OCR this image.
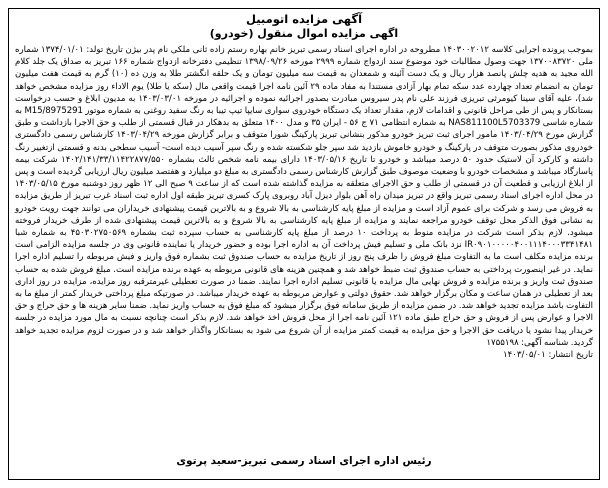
آگهی مزایده اتومبیل

اگهی مزایده اموال منقول (خودرو)

بموجب پرونده اجرایی کلاسه ۱۴۰۳۰۰۲۰۱۲ مطروحه در اداره اجرای اسناد رسمی تبریز خانم بهاره رستم زاده ثانی ملکی نام پدر بیژن تاریخ تولد: ۱۳۷۴/۰۱/۰۱ شماره ملی ۱۳۷۰۰۸۳۷۲۰ جهت وصول مطالبات خود موضوع سند ازدواج شماره ۲۹۹۹ مورخه ۱۳۹۸/۰۹/۲۶ تنظیمی دفترخانه ازدواج شماره ۱۶۶ تبریز به صداق یک جلد کلام الله مجید به هدیه چلش پانصد هزار ریال و یک دست آئینه و شمعدان به قیمت سه میلیون تومان و یک حلقه انگشتر طلا به وزن ده (۱۰) گرم به قیمت هفت میلیون تومان به انضمام تعداد چهارده عدد سکه تمام بهار آزادی مستندا به مفاد ماده ۲۹ آئین نامه اجرا قیمت واقعی مال (سکه یا طلا) یوم الاداء روز مزایده مشخص خواهد شد)، علیه آقای سینا کیومرثی تبریزی فرزند علی نام پدر سیروس مبادرت بصدور اجرائیه نموده و اجرائیه در مورخه ۱۴۰۳/۰۳/۰۱ به مدیون ابلاغ و حسب درخواست بستانکار و پس از طی مراحل قانونی و اقدامات لازم، مقدار تعداد یک دستگاه خودروی سواری سایپا تیپ تیبا به رنگ سفید روغنی به شماره موتور M15/8975291 به شماره شاسی NAS811100L5703379 به شماره انتظامی ۷۱ ج ۵۶ - ایران ۳۵ و مدل ۱۴۰۰ متعلق به بدهکار در قبال قسمتی از طلب و حق الاجرا بازداشت و طبق گزارش مورخ ۱۴۰۳/۰۴/۲۹ مامور اجرای ثبت تبریز خودرو مذکور بنشانی تبریز پارکینگ شورا متوقف و برابر گزارش مورخه ۱۴۰۳/۰۴/۲۹ کارشناس رسمی دادگستری خودروی مذکور بصورت متوقف در پارکینگ و خودرو خاموش بازدید شد سپر جلو شکسته شده و رنگ سپر آسیب دیده است- آسیب سطحی بدنه و قسمتی ‌ازتغییر رنگ داشته و کارکرد آن لاستیک حدود ۵۰ درصد میباشد و خودرو تا تاریخ ۱۴۰۳/۰۵/۱۶ دارای بیمه نامه شخص ثالث بشماره ۱۴۰۲/۱۴۱/۳۳/۱۱۴۲۲۸۷۷/۵۵۰ شرکت بیمه پاسارگاد میباشد و مشخصات خودرو با وضعیت موصوف طبق گزارش کارشناس رسمی دادگستری به مبلغ دو میلیارد و هفتصد میلیون ریال ارزیابی گردیده است و پس از ابلاغ ارزیابی و قطعیت آن در قسمتی از طلب و حق الاجرای متعلقه به مزایده گذاشته شده است که از ساعت ۹ صبح الی ۱۲ ظهر روز دوشنبه مورخ ۱۴۰۳/۰۵/۱۵ در محل اداره اجرای اسناد رسمی تبریز واقع در تبریز میدان راه آهن بلوار دیزل آباد روبروی پارک کسری تبریز طبقه اول اداره ثبت اسناد غرب تبریز از طریق مزایده به فروش می رسد و شرکت برای عموم آزاد است و مزایده از مبلغ پایه کارشناسی به بالا شروع و به بالاترین قیمت پیشنهادی خریداران می توانند جهت رویت خودرو به نشانی فوق الذکر محل توقف خودرو مراجعه نمایند و مزایده از مبلغ پایه کارشناسی به بالا شروع و به بالاترین قیمت پیشنهادی شده از طرف خریدار فروخته میشود. لازم بذکر است شرکت در مزایده منوط به پرداخت ۱۰ درصد از مبلغ پایه کارشناسی به حساب سپرده ثبت بشماره ۴۵۰۳۰۲۷۵۰۵۶۹ به شماره شبا IR۰۹۰۱۰۰۰۰۰۴۰۰۱۱۱۴۰۰۰۳۳۴۱۴۸۱ نزد بانک ملی و تسلیم فیش پرداخت آن به اداره اجرا بوده و حضور خریدار یا نماینده قانونی وی در جلسه مزایده الزامی است برنده مزایده مکلف است ما به التفاوت مبلغ فروش را ظرف پنج روز از تاریخ مزایده به حساب صندوق ثبت بشماره فوق واریز و فیش مربوطه را تسلیم اداره اجرا نماید. در غیر اینصورت پرداختی به حساب صندوق ثبت ضبط خواهد شد و همچنین هزینه های قانونی مربوطه به عهده برنده مزایده است. مبلغ فروش شده به حساب صندوق ثبت واریز و برنده مزایده و فروش نهایی مال مزایده یا قانونی تسلیم اداره اجرا نمایند. ضمنا در صورت تعطیلی غیرمترقبه روز مزایده، مزایده در روز اداری بعد از تعطیلی در همان ساعت و مکان برگزار خواهد شد. حقوق دولتی و عوارض مربوطه به عهده خریدار میباشد. در صورتیکه مبلغ پرداختی خریدار کمتر از مبلغ ما به التفاوت باشد مزایده تجدید خواهد شد. در ضمن مزایده از طریق سامانه فوق برگزار میشود که مبلغ فوق به حساب واریز نماید. ضمنا سایر هزینه ها و حق حراج و حق الاجرا و عوارض پس از فروش و حق حراج طبق ماده ۱۲۱ آئین نامه اجرا از محل فروش اخذ خواهد شد. لازم بذکر است چنانچه نسبت به مال مورد مزایده در جلسه خریدار پیدا نشود یا دریافت حق الاجرا و حق مزایده به قیمت کمتر مزایده از آن شروع می شود به بستانکار واگذار خواهد شد و در صورت لزوم مزایده تجدید خواهد گردید. شناسه آگهی: ۱۷۵۵۱۹۸
تاریخ انتشار: ۱۴۰۳/۰۵/۰۱
رئیس اداره اجرای اسناد رسمی تبریز-سعید پرتوی
